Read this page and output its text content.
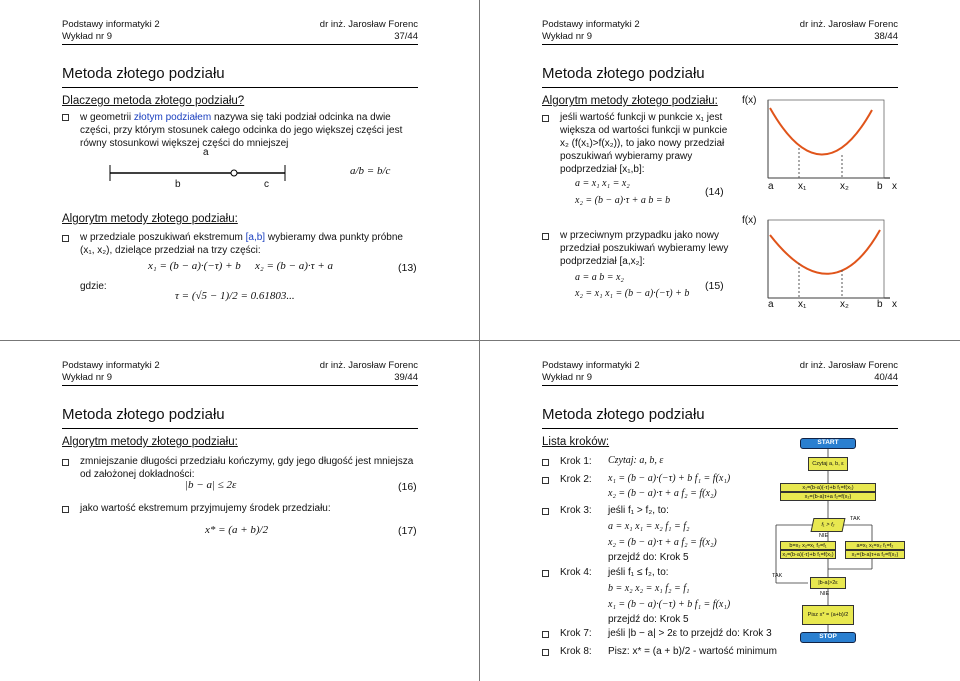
Podstawy informatyki 2
Wykład nr 9
dr inż. Jarosław Forenc
37/44
Metoda złotego podziału
Dlaczego metoda złotego podziału?
w geometrii złotym podziałem nazywa się taki podział odcinka na dwie części, przy którym stosunek całego odcinka do jego większej części jest równy stosunkowi większej części do mniejszej
a
b	c
a/b = b/c
Algorytm metody złotego podziału:
w przedziale poszukiwań ekstremum [a,b] wybieramy dwa punkty próbne (x₁, x₂), dzielące przedział na trzy części:
x₁ = (b − a)·(−τ) + b x₂ = (b − a)·τ + a	(13)
gdzie:
τ = (√5 − 1)/2 = 0.61803...
Podstawy informatyki 2
Wykład nr 9
dr inż. Jarosław Forenc
38/44
Metoda złotego podziału
Algorytm metody złotego podziału:
jeśli wartość funkcji w punkcie x₁ jest większa od wartości funkcji w punkcie x₂ (f(x₁)>f(x₂)), to jako nowy przedział poszukiwań wybieramy prawy podprzedział [x₁,b]:
a = x₁ x₁ = x₂
x₂ = (b − a)·τ + a b = b
(14)
w przeciwnym przypadku jako nowy przedział poszukiwań wybieramy lewy podprzedział [a,x₂]:
a = a b = x₂
x₂ = x₁ x₁ = (b − a)·(−τ) + b
(15)
f(x)
a x₁	x₂	b x
f(x)
a x₁	x₂	b x
Podstawy informatyki 2
Wykład nr 9
dr inż. Jarosław Forenc
39/44
Metoda złotego podziału
Algorytm metody złotego podziału:
zmniejszanie długości przedziału kończymy, gdy jego długość jest mniejsza od założonej dokładności:
|b − a| ≤ 2ε	(16)
jako wartość ekstremum przyjmujemy środek przedziału:
x* = (a + b)/2	(17)
Podstawy informatyki 2
Wykład nr 9
dr inż. Jarosław Forenc
40/44
Metoda złotego podziału
Lista kroków:
Krok 1: Czytaj: a, b, ε
Krok 2: x₁ = (b − a)·(−τ) + b f₁ = f(x₁)
x₂ = (b − a)·τ + a f₂ = f(x₂)
Krok 3: jeśli f₁ > f₂, to:
a = x₁ x₁ = x₂ f₁ = f₂
x₂ = (b − a)·τ + a f₂ = f(x₂)
przejdź do: Krok 5
Krok 4: jeśli f₁ ≤ f₂, to:
b = x₂ x₂ = x₁ f₂ = f₁
x₁ = (b − a)·(−τ) + b f₁ = f(x₁)
przejdź do: Krok 5
Krok 7: jeśli |b − a| > 2ε to przejdź do: Krok 3
Krok 8: Pisz: x* = (a + b)/2 - wartość minimum
START
Czytaj a, b, ε
x₁=(b-a)(-τ)+b f₁=f(x₁)
x₂=(b-a)τ+a f₂=f(x₂)
f₁ > f₂
NIE
TAK
b=x₂ x₂=x₁ f₂=f₁
x₁=(b-a)(-τ)+b f₁=f(x₁)
a=x₁ x₁=x₂ f₁=f₂
x₂=(b-a)τ+a f₂=f(x₂)
|b-a|>2ε
TAK
NIE
Pisz x* = (a+b)/2
STOP
